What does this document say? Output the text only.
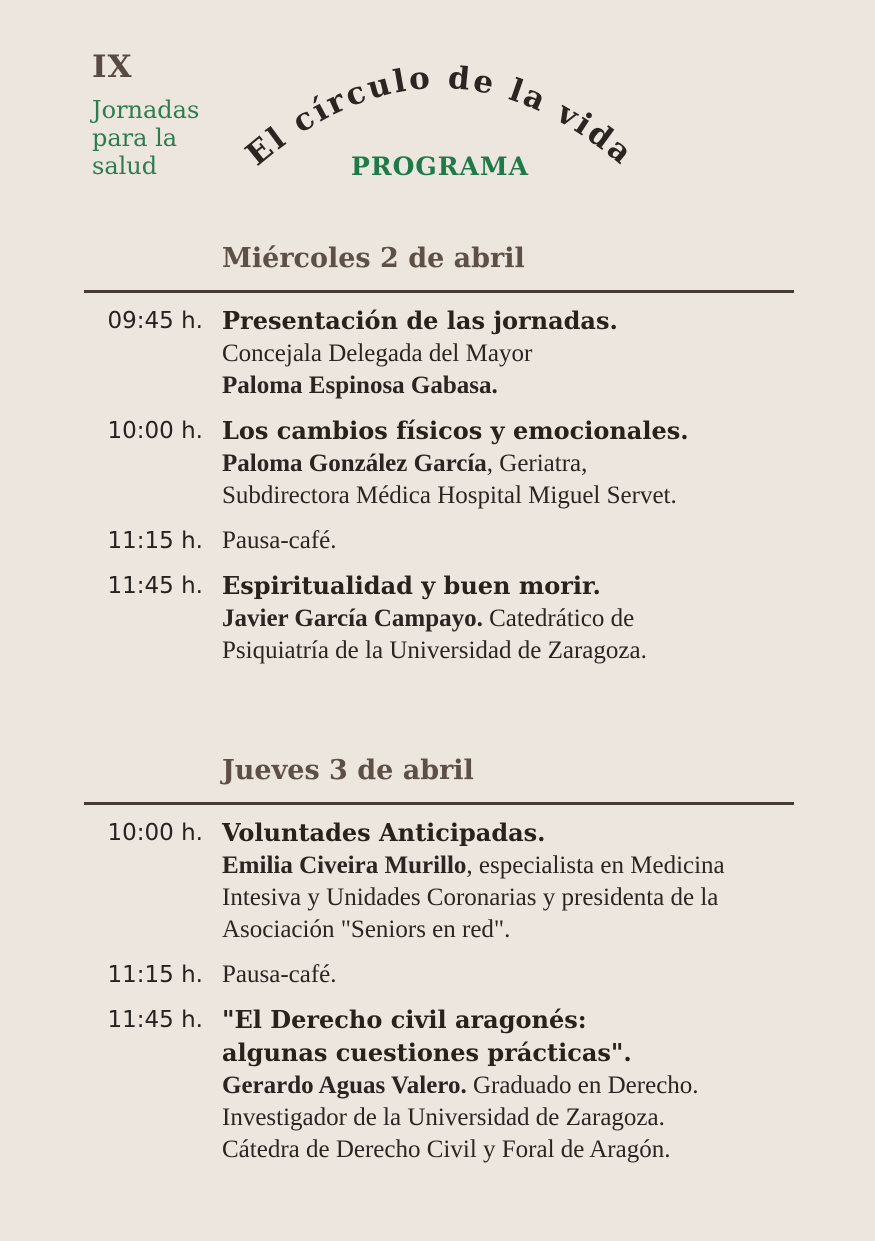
IX
Jornadas
para la
salud	El círculo de la vida
PROGRAMA
Miércoles 2 de abril
09:45 h. Presentación de las jornadas.
Concejala Delegada del Mayor
Paloma Espinosa Gabasa.
10:00 h. Los cambios físicos y emocionales.
Paloma González García, Geriatra,
Subdirectora Médica Hospital Miguel Servet.
11:15 h. Pausa-café.
11:45 h. Espiritualidad y buen morir.
Javier García Campayo. Catedrático de
Psiquiatría de la Universidad de Zaragoza.
Jueves 3 de abril
10:00 h. Voluntades Anticipadas.
Emilia Civeira Murillo, especialista en Medicina
Intesiva y Unidades Coronarias y presidenta de la
Asociación "Seniors en red".
11:15 h. Pausa-café.
11:45 h. "El Derecho civil aragonés:
algunas cuestiones prácticas".
Gerardo Aguas Valero. Graduado en Derecho.
Investigador de la Universidad de Zaragoza.
Cátedra de Derecho Civil y Foral de Aragón.
